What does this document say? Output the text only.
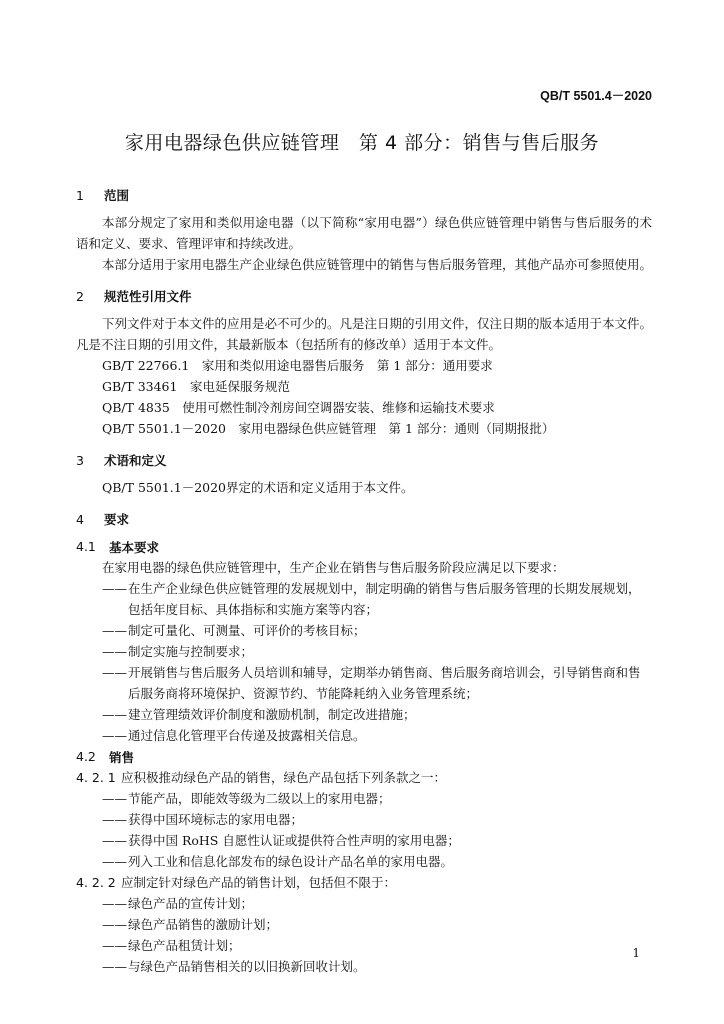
QB/T 5501.4－2020
家用电器绿色供应链管理　第 4 部分：销售与售后服务
1	范围

本部分规定了家用和类似用途电器（以下简称“家用电器”）绿色供应链管理中销售与售后服务的术语和定义、要求、管理评审和持续改进。

本部分适用于家用电器生产企业绿色供应链管理中的销售与售后服务管理，其他产品亦可参照使用。

2	规范性引用文件

下列文件对于本文件的应用是必不可少的。凡是注日期的引用文件，仅注日期的版本适用于本文件。凡是不注日期的引用文件，其最新版本（包括所有的修改单）适用于本文件。

GB/T 22766.1　家用和类似用途电器售后服务　第 1 部分：通用要求
GB/T 33461　家电延保服务规范
QB/T 4835　使用可燃性制冷剂房间空调器安装、维修和运输技术要求
QB/T 5501.1－2020　家用电器绿色供应链管理　第 1 部分：通则（同期报批）
3	术语和定义

QB/T 5501.1－2020界定的术语和定义适用于本文件。

4	要求
4.1	基本要求

在家用电器的绿色供应链管理中，生产企业在销售与售后服务阶段应满足以下要求：

——在生产企业绿色供应链管理的发展规划中，制定明确的销售与售后服务管理的长期发展规划，
包括年度目标、具体指标和实施方案等内容；
——制定可量化、可测量、可评价的考核目标；
——制定实施与控制要求；
——开展销售与售后服务人员培训和辅导，定期举办销售商、售后服务商培训会，引导销售商和售
后服务商将环境保护、资源节约、节能降耗纳入业务管理系统；
——建立管理绩效评价制度和激励机制，制定改进措施；
——通过信息化管理平台传递及披露相关信息。
4.2	销售
4. 2. 1 应积极推动绿色产品的销售，绿色产品包括下列条款之一：
——节能产品，即能效等级为二级以上的家用电器；
——获得中国环境标志的家用电器；
——获得中国 RoHS 自愿性认证或提供符合性声明的家用电器；
——列入工业和信息化部发布的绿色设计产品名单的家用电器。
4. 2. 2 应制定针对绿色产品的销售计划，包括但不限于：
——绿色产品的宣传计划；
——绿色产品销售的激励计划；
——绿色产品租赁计划；
——与绿色产品销售相关的以旧换新回收计划。
1
